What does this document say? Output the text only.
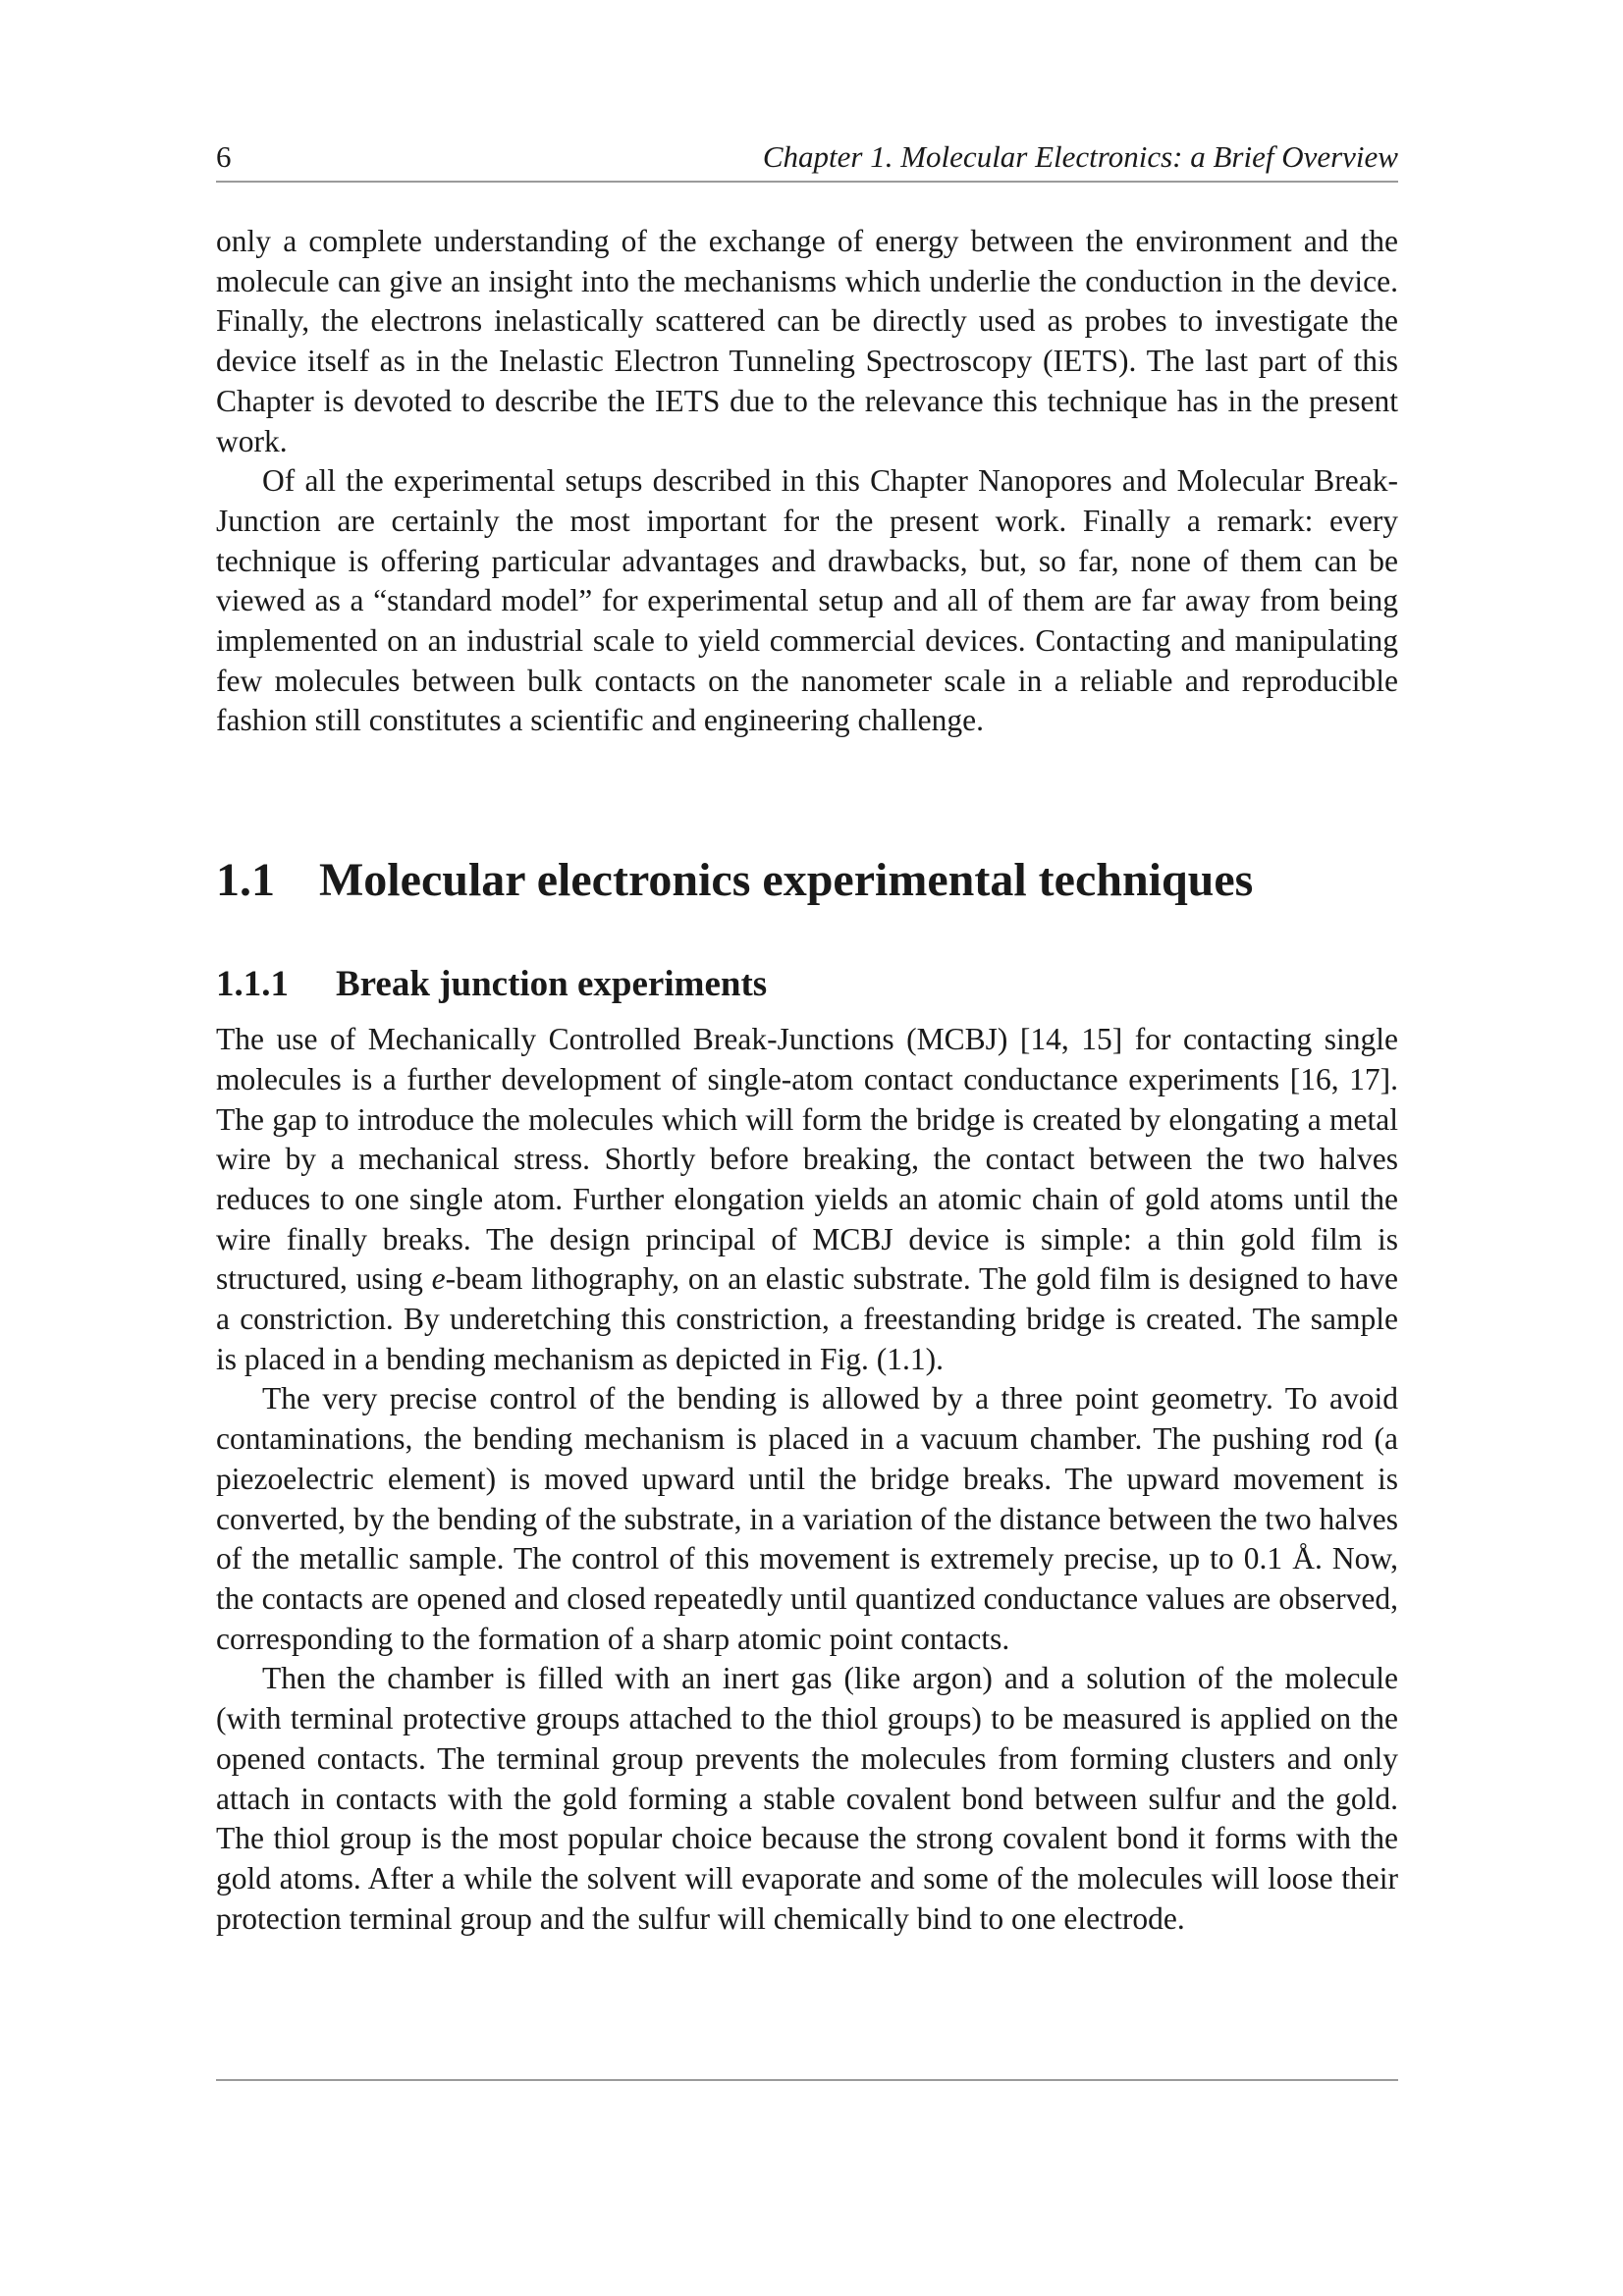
6	Chapter 1. Molecular Electronics: a Brief Overview

only a complete understanding of the exchange of energy between the environment and the molecule can give an insight into the mechanisms which underlie the conduction in the device. Finally, the electrons inelastically scattered can be directly used as probes to investigate the device itself as in the Inelastic Electron Tunneling Spectroscopy (IETS). The last part of this Chapter is devoted to describe the IETS due to the relevance this technique has in the present work.

Of all the experimental setups described in this Chapter Nanopores and Molecular Break-Junction are certainly the most important for the present work. Finally a remark: every technique is offering particular advantages and drawbacks, but, so far, none of them can be viewed as a “standard model” for experimental setup and all of them are far away from being implemented on an industrial scale to yield commercial devices. Contacting and manipulating few molecules between bulk contacts on the nanometer scale in a reliable and reproducible fashion still constitutes a scientific and engineering challenge.

1.1 Molecular electronics experimental techniques
1.1.1	Break junction experiments

The use of Mechanically Controlled Break-Junctions (MCBJ) [14, 15] for contacting single molecules is a further development of single-atom contact conductance experiments [16, 17]. The gap to introduce the molecules which will form the bridge is created by elongating a metal wire by a mechanical stress. Shortly before breaking, the contact between the two halves reduces to one single atom. Further elongation yields an atomic chain of gold atoms until the wire finally breaks. The design principal of MCBJ device is simple: a thin gold film is structured, using e-beam lithography, on an elastic substrate. The gold film is designed to have a constriction. By underetching this constriction, a freestanding bridge is created. The sample is placed in a bending mechanism as depicted in Fig. (1.1).

The very precise control of the bending is allowed by a three point geometry. To avoid contaminations, the bending mechanism is placed in a vacuum chamber. The pushing rod (a piezoelectric element) is moved upward until the bridge breaks. The upward movement is converted, by the bending of the substrate, in a variation of the distance between the two halves of the metallic sample. The control of this movement is extremely precise, up to 0.1 Å. Now, the contacts are opened and closed repeatedly until quantized conductance values are observed, corresponding to the formation of a sharp atomic point contacts.

Then the chamber is filled with an inert gas (like argon) and a solution of the molecule (with terminal protective groups attached to the thiol groups) to be measured is applied on the opened contacts. The terminal group prevents the molecules from forming clusters and only attach in contacts with the gold forming a stable covalent bond between sulfur and the gold. The thiol group is the most popular choice because the strong covalent bond it forms with the gold atoms. After a while the solvent will evaporate and some of the molecules will loose their protection terminal group and the sulfur will chemically bind to one electrode.
